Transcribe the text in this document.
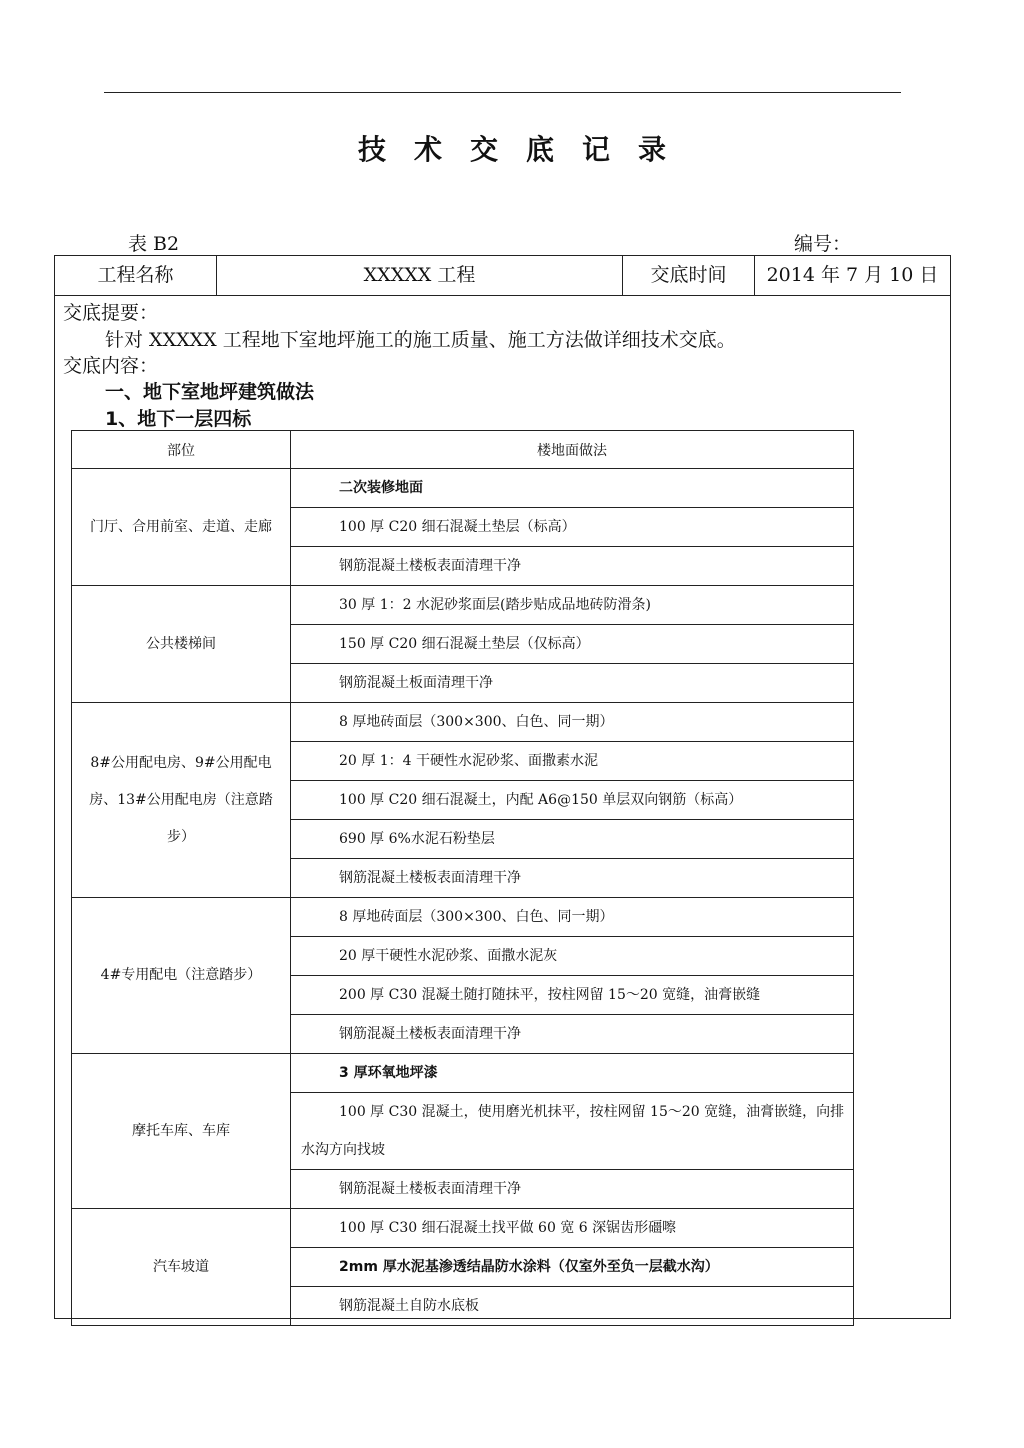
技术交底记录
表 B2	编号：
工程名称	XXXXX 工程	交底时间	2014 年 7 月 10 日
交底提要：
针对 XXXXX 工程地下室地坪施工的施工质量、施工方法做详细技术交底。
交底内容：
一、地下室地坪建筑做法
1、地下一层四标
部位	楼地面做法
门厅、合用前室、走道、走廊	二次装修地面
	100 厚 C20 细石混凝土垫层（标高）
	钢筋混凝土楼板表面清理干净
公共楼梯间	30 厚 1：2 水泥砂浆面层(踏步贴成品地砖防滑条)
	150 厚 C20 细石混凝土垫层（仅标高）
	钢筋混凝土板面清理干净
8#公用配电房、9#公用配电房、13#公用配电房（注意踏步）	8 厚地砖面层（300×300、白色、同一期）
	20 厚 1：4 干硬性水泥砂浆、面撒素水泥
	100 厚 C20 细石混凝土，内配 A6@150 单层双向钢筋（标高）
	690 厚 6%水泥石粉垫层
	钢筋混凝土楼板表面清理干净
4#专用配电（注意踏步）	8 厚地砖面层（300×300、白色、同一期）
	20 厚干硬性水泥砂浆、面撒水泥灰
	200 厚 C30 混凝土随打随抹平，按柱网留 15～20 宽缝，油膏嵌缝
	钢筋混凝土楼板表面清理干净
摩托车库、车库	3 厚环氧地坪漆
	100 厚 C30 混凝土，使用磨光机抹平，按柱网留 15～20 宽缝，油膏嵌缝，向排水沟方向找坡
	钢筋混凝土楼板表面清理干净
汽车坡道	100 厚 C30 细石混凝土找平做 60 宽 6 深锯齿形礓嚓
	2mm 厚水泥基渗透结晶防水涂料（仅室外至负一层截水沟）
	钢筋混凝土自防水底板
